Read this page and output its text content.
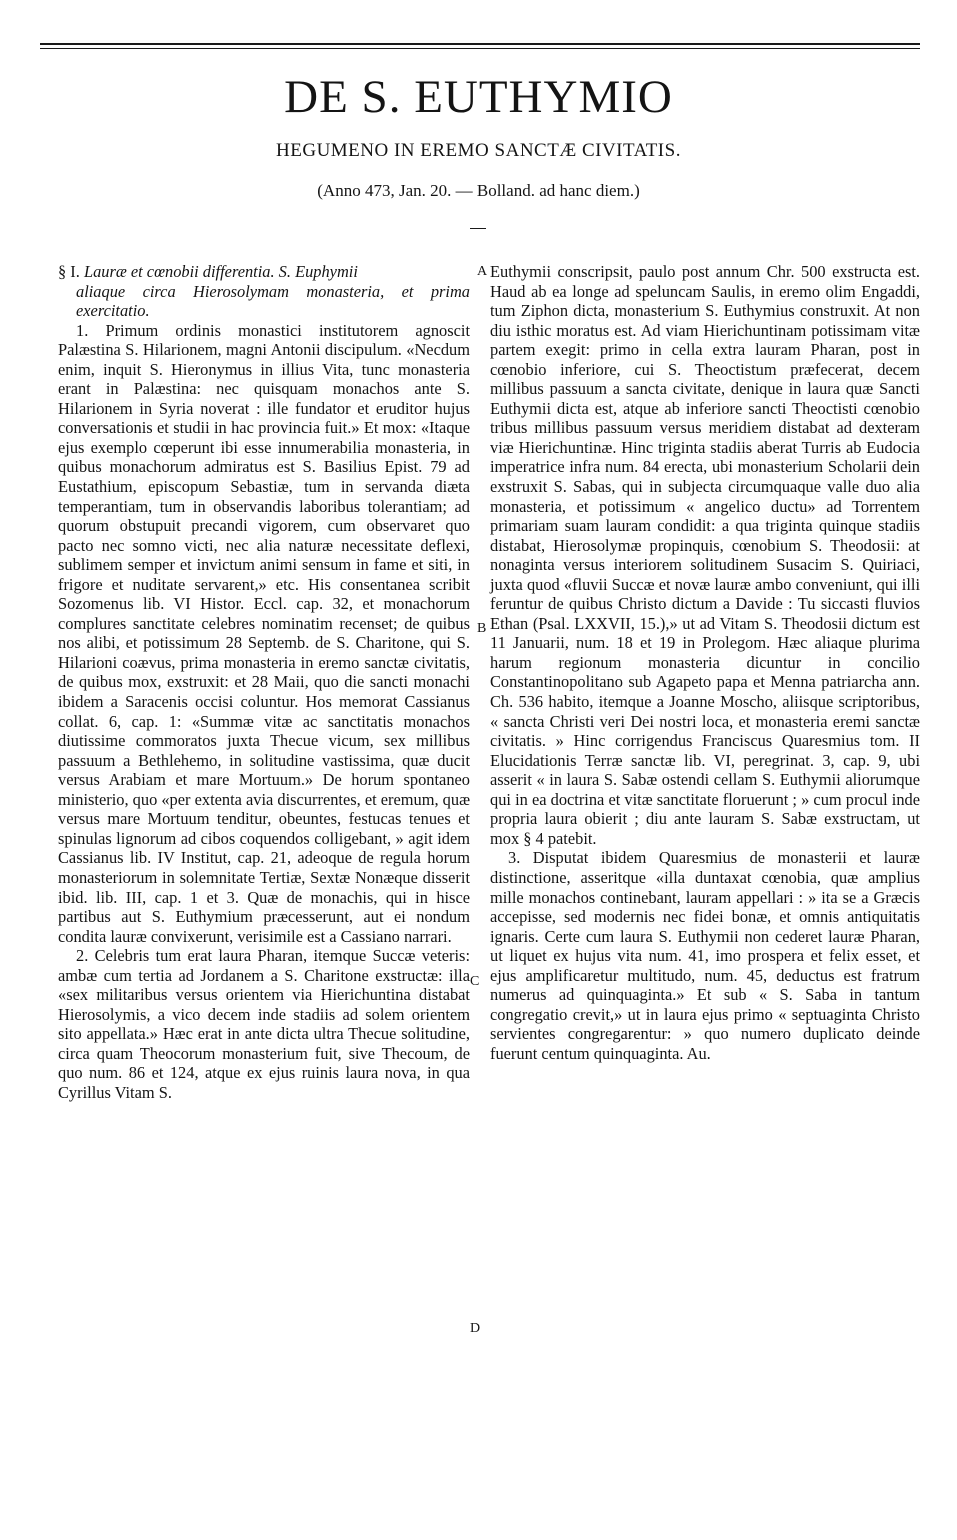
DE S. EUTHYMIO
HEGUMENO IN EREMO SANCTÆ CIVITATIS.
(Anno 473, Jan. 20. — Bolland. ad hanc diem.)
A
B
C
D

§ I. Lauræ et cœnobii differentia. S. Euphymii
aliaque circa Hierosolymam monasteria, et prima exercitatio.

1. Primum ordinis monastici institutorem agnoscit Palæstina S. Hilarionem, magni Antonii discipulum. «Necdum enim, inquit S. Hieronymus in illius Vita, tunc monasteria erant in Palæstina: nec quisquam monachos ante S. Hilarionem in Syria noverat : ille fundator et eruditor hujus conversationis et studii in hac provincia fuit.» Et mox: «Itaque ejus exemplo cœperunt ibi esse innumerabilia monasteria, in quibus monachorum admiratus est S. Basilius Epist. 79 ad Eustathium, episcopum Sebastiæ, tum in servanda diæta temperantiam, tum in observandis laboribus tolerantiam; ad quorum obstupuit precandi vigorem, cum observaret quo pacto nec somno victi, nec alia naturæ necessitate deflexi, sublimem semper et invictum animi sensum in fame et siti, in frigore et nuditate servarent,» etc. His consentanea scribit Sozomenus lib. VI Histor. Eccl. cap. 32, et monachorum complures sanctitate celebres nominatim recenset; de quibus nos alibi, et potissimum 28 Septemb. de S. Charitone, qui S. Hilarioni coævus, prima monasteria in eremo sanctæ civitatis, de quibus mox, exstruxit: et 28 Maii, quo die sancti monachi ibidem a Saracenis occisi coluntur. Hos memorat Cassianus collat. 6, cap. 1: «Summæ vitæ ac sanctitatis monachos diutissime commoratos juxta Thecue vicum, sex millibus passuum a Bethlehemo, in solitudine vastissima, quæ ducit versus Arabiam et mare Mortuum.» De horum spontaneo ministerio, quo «per extenta avia discurrentes, et eremum, quæ versus mare Mortuum tenditur, obeuntes, festucas tenues et spinulas lignorum ad cibos coquendos colligebant, » agit idem Cassianus lib. IV Institut, cap. 21, adeoque de regula horum monasteriorum in solemnitate Tertiæ, Sextæ Nonæque disserit ibid. lib. III, cap. 1 et 3. Quæ de monachis, qui in hisce partibus aut S. Euthymium præcesserunt, aut ei nondum condita lauræ convixerunt, verisimile est a Cassiano narrari.

2. Celebris tum erat laura Pharan, itemque Succæ veteris: ambæ cum tertia ad Jordanem a S. Charitone exstructæ: illa «sex militaribus versus orientem via Hierichuntina distabat Hierosolymis, a vico decem inde stadiis ad solem orientem sito appellata.» Hæc erat in ante dicta ultra Thecue solitudine, circa quam Theocorum monasterium fuit, sive Thecoum, de quo num. 86 et 124, atque ex ejus ruinis laura nova, in qua Cyrillus Vitam S.

Euthymii conscripsit, paulo post annum Chr. 500 exstructa est. Haud ab ea longe ad speluncam Saulis, in eremo olim Engaddi, tum Ziphon dicta, monasterium S. Euthymius construxit. At non diu isthic moratus est. Ad viam Hierichuntinam potissimam vitæ partem exegit: primo in cella extra lauram Pharan, post in cœnobio inferiore, cui S. Theoctistum præfecerat, decem millibus passuum a sancta civitate, denique in laura quæ Sancti Euthymii dicta est, atque ab inferiore sancti Theoctisti cœnobio tribus millibus passuum versus meridiem distabat ad dexteram viæ Hierichuntinæ. Hinc triginta stadiis aberat Turris ab Eudocia imperatrice infra num. 84 erecta, ubi monasterium Scholarii dein exstruxit S. Sabas, qui in subjecta circumquaque valle duo alia monasteria, et potissimum « angelico ductu» ad Torrentem primariam suam lauram condidit: a qua triginta quinque stadiis distabat, Hierosolymæ propinquis, cœnobium S. Theodosii: at nonaginta versus interiorem solitudinem Susacim S. Quiriaci, juxta quod «fluvii Succæ et novæ lauræ ambo conveniunt, qui illi feruntur de quibus Christo dictum a Davide : Tu siccasti fluvios Ethan (Psal. LXXVII, 15.),» ut ad Vitam S. Theodosii dictum est 11 Januarii, num. 18 et 19 in Prolegom. Hæc aliaque plurima harum regionum monasteria dicuntur in concilio Constantinopolitano sub Agapeto papa et Menna patriarcha ann. Ch. 536 habito, itemque a Joanne Moscho, aliisque scriptoribus, « sancta Christi veri Dei nostri loca, et monasteria eremi sanctæ civitatis. » Hinc corrigendus Franciscus Quaresmius tom. II Elucidationis Terræ sanctæ lib. VI, peregrinat. 3, cap. 9, ubi asserit « in laura S. Sabæ ostendi cellam S. Euthymii aliorumque qui in ea doctrina et vitæ sanctitate floruerunt ; » cum procul inde propria laura obierit ; diu ante lauram S. Sabæ exstructam, ut mox § 4 patebit.

3. Disputat ibidem Quaresmius de monasterii et lauræ distinctione, asseritque «illa duntaxat cœnobia, quæ amplius mille monachos continebant, lauram appellari : » ita se a Græcis accepisse, sed modernis nec fidei bonæ, et omnis antiquitatis ignaris. Certe cum laura S. Euthymii non cederet lauræ Pharan, ut liquet ex hujus vita num. 41, imo prospera et felix esset, et ejus amplificaretur multitudo, num. 45, deductus est fratrum numerus ad quinquaginta.» Et sub « S. Saba in tantum congregatio crevit,» ut in laura ejus primo « septuaginta Christo servientes congregarentur: » quo numero duplicato deinde fuerunt centum quinquaginta. Au.
